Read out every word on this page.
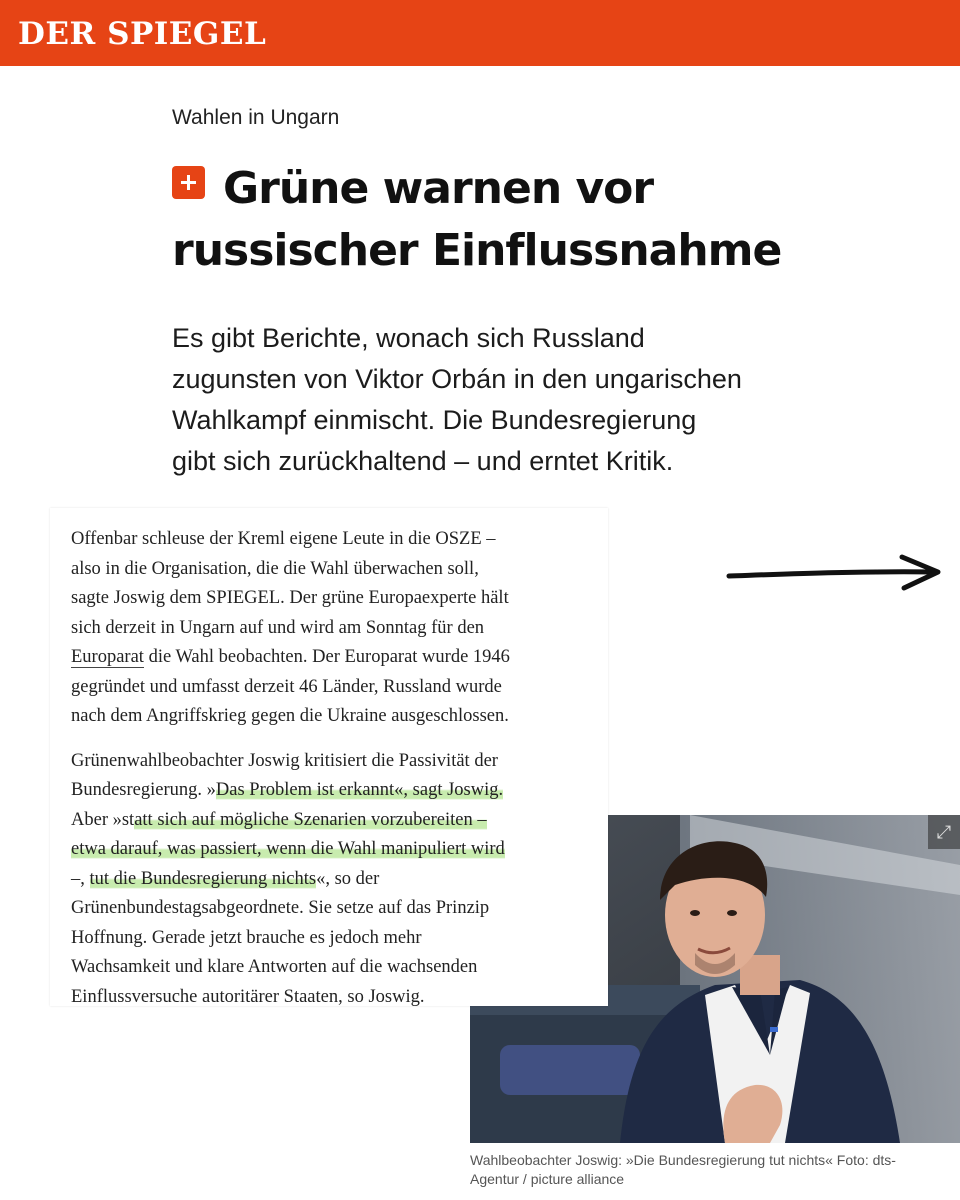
DER SPIEGEL
Wahlen in Ungarn
Grüne warnen vor
russischer Einflussnahme
Es gibt Berichte, wonach sich Russland
zugunsten von Viktor Orbán in den ungarischen
Wahlkampf einmischt. Die Bundesregierung
gibt sich zurückhaltend – und erntet Kritik.

Offenbar schleuse der Kreml eigene Leute in die OSZE –
also in die Organisation, die die Wahl überwachen soll,
sagte Joswig dem SPIEGEL. Der grüne Europaexperte hält
sich derzeit in Ungarn auf und wird am Sonntag für den
Europarat die Wahl beobachten. Der Europarat wurde 1946
gegründet und umfasst derzeit 46 Länder, Russland wurde
nach dem Angriffskrieg gegen die Ukraine ausgeschlossen.

Grünenwahlbeobachter Joswig kritisiert die Passivität der
Bundesregierung. »Das Problem ist erkannt«, sagt Joswig.
Aber »statt sich auf mögliche Szenarien vorzubereiten –
etwa darauf, was passiert, wenn die Wahl manipuliert wird
–, tut die Bundesregierung nichts«, so der
Grünenbundestagsabgeordnete. Sie setze auf das Prinzip
Hoffnung. Gerade jetzt brauche es jedoch mehr
Wachsamkeit und klare Antworten auf die wachsenden
Einflussversuche autoritärer Staaten, so Joswig.

⤢
Wahlbeobachter Joswig: »Die Bundesregierung tut nichts« Foto: dts-
Agentur / picture alliance
